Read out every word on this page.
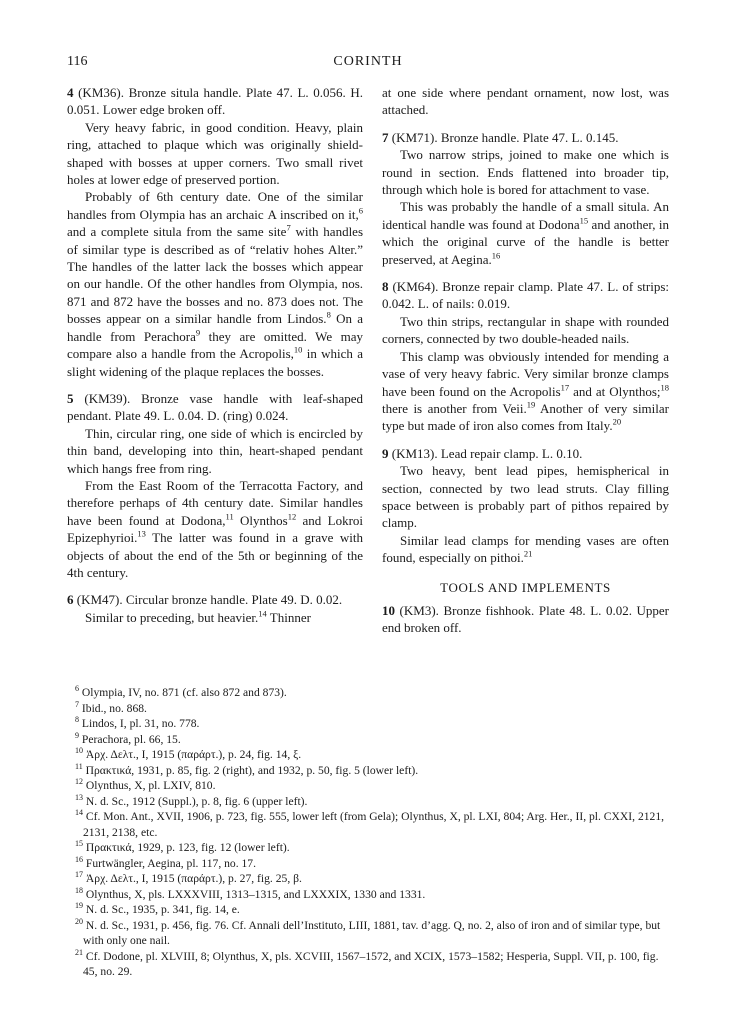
116	CORINTH

4 (KM36). Bronze situla handle. Plate 47. L. 0.056. H. 0.051. Lower edge broken off.

Very heavy fabric, in good condition. Heavy, plain ring, attached to plaque which was originally shield-shaped with bosses at upper corners. Two small rivet holes at lower edge of preserved portion.

Probably of 6th century date. One of the similar handles from Olympia has an archaic Α inscribed on it,$^6$ and a complete situla from the same site$^7$ with handles of similar type is described as of “relativ hohes Alter.” The handles of the latter lack the bosses which appear on our handle. Of the other handles from Olympia, nos. 871 and 872 have the bosses and no. 873 does not. The bosses appear on a similar handle from Lindos.$^8$ On a handle from Perachora$^9$ they are omitted. We may compare also a handle from the Acropolis,$^{10}$ in which a slight widening of the plaque replaces the bosses.

5 (KM39). Bronze vase handle with leaf-shaped pendant. Plate 49. L. 0.04. D. (ring) 0.024.

Thin, circular ring, one side of which is encircled by thin band, developing into thin, heart-shaped pendant which hangs free from ring.

From the East Room of the Terracotta Factory, and therefore perhaps of 4th century date. Similar handles have been found at Dodona,$^{11}$ Olynthos$^{12}$ and Lokroi Epizephyrioi.$^{13}$ The latter was found in a grave with objects of about the end of the 5th or beginning of the 4th century.

6 (KM47). Circular bronze handle. Plate 49. D. 0.02.

Similar to preceding, but heavier.$^{14}$ Thinner

at one side where pendant ornament, now lost, was attached.

7 (KM71). Bronze handle. Plate 47. L. 0.145.

Two narrow strips, joined to make one which is round in section. Ends flattened into broader tip, through which hole is bored for attachment to vase.

This was probably the handle of a small situla. An identical handle was found at Dodona$^{15}$ and another, in which the original curve of the handle is better preserved, at Aegina.$^{16}$

8 (KM64). Bronze repair clamp. Plate 47. L. of strips: 0.042. L. of nails: 0.019.

Two thin strips, rectangular in shape with rounded corners, connected by two double-headed nails.

This clamp was obviously intended for mending a vase of very heavy fabric. Very similar bronze clamps have been found on the Acropolis$^{17}$ and at Olynthos;$^{18}$ there is another from Veii.$^{19}$ Another of very similar type but made of iron also comes from Italy.$^{20}$

9 (KM13). Lead repair clamp. L. 0.10.

Two heavy, bent lead pipes, hemispherical in section, connected by two lead struts. Clay filling space between is probably part of pithos repaired by clamp.

Similar lead clamps for mending vases are often found, especially on pithoi.$^{21}$

TOOLS AND IMPLEMENTS

10 (KM3). Bronze fishhook. Plate 48. L. 0.02. Upper end broken off.

$^6$ Olympia, IV, no. 871 (cf. also 872 and 873).

$^7$ Ibid., no. 868.

$^8$ Lindos, I, pl. 31, no. 778.

$^9$ Perachora, pl. 66, 15.

$^{10}$ Ἀρχ. Δελτ., I, 1915 (παράρτ.), p. 24, fig. 14, ξ.

$^{11}$ Πρακτικά, 1931, p. 85, fig. 2 (right), and 1932, p. 50, fig. 5 (lower left).

$^{12}$ Olynthus, X, pl. LXIV, 810.

$^{13}$ N. d. Sc., 1912 (Suppl.), p. 8, fig. 6 (upper left).

$^{14}$ Cf. Mon. Ant., XVII, 1906, p. 723, fig. 555, lower left (from Gela); Olynthus, X, pl. LXI, 804; Arg. Her., II, pl. CXXI, 2121, 2131, 2138, etc.

$^{15}$ Πρακτικά, 1929, p. 123, fig. 12 (lower left).

$^{16}$ Furtwängler, Aegina, pl. 117, no. 17.

$^{17}$ Ἀρχ. Δελτ., I, 1915 (παράρτ.), p. 27, fig. 25, β.

$^{18}$ Olynthus, X, pls. LXXXVIII, 1313–1315, and LXXXIX, 1330 and 1331.

$^{19}$ N. d. Sc., 1935, p. 341, fig. 14, e.

$^{20}$ N. d. Sc., 1931, p. 456, fig. 76. Cf. Annali dell’Instituto, LIII, 1881, tav. d’agg. Q, no. 2, also of iron and of similar type, but with only one nail.

$^{21}$ Cf. Dodone, pl. XLVIII, 8; Olynthus, X, pls. XCVIII, 1567–1572, and XCIX, 1573–1582; Hesperia, Suppl. VII, p. 100, fig. 45, no. 29.
